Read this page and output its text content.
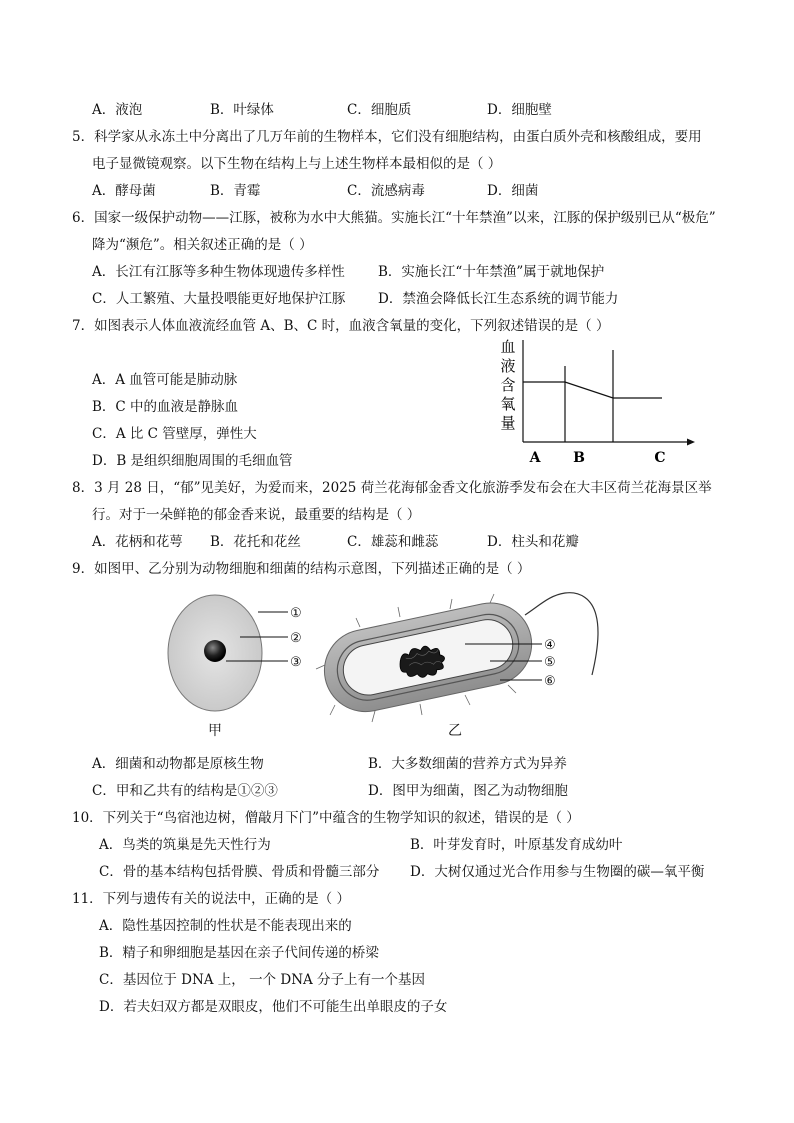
A．液泡	B．叶绿体	C．细胞质	D．细胞壁
5．科学家从永冻土中分离出了几万年前的生物样本，它们没有细胞结构，由蛋白质外壳和核酸组成，要用
电子显微镜观察。以下生物在结构上与上述生物样本最相似的是（ ）
A．酵母菌	B．青霉	C．流感病毒	D．细菌
6．国家一级保护动物——江豚，被称为水中大熊猫。实施长江“十年禁渔”以来，江豚的保护级别已从“极危”
降为“濒危”。相关叙述正确的是（ ）
A．长江有江豚等多种生物体现遗传多样性 B．实施长江“十年禁渔”属于就地保护
C．人工繁殖、大量投喂能更好地保护江豚 D．禁渔会降低长江生态系统的调节能力
7．如图表示人体血液流经血管 A、B、C 时，血液含氧量的变化，下列叙述错误的是（ ）
A．A 血管可能是肺动脉
B．C 中的血液是静脉血
C．A 比 C 管壁厚，弹性大
D．B 是组织细胞周围的毛细血管
血
液
含
氧
量
A B	C
8．3 月 28 日，“郁”见美好，为爱而来，2025 荷兰花海郁金香文化旅游季发布会在大丰区荷兰花海景区举
行。对于一朵鲜艳的郁金香来说，最重要的结构是（ ）
A．花柄和花萼 B．花托和花丝	C．雄蕊和雌蕊	D．柱头和花瓣
9．如图甲、乙分别为动物细胞和细菌的结构示意图，下列描述正确的是（ ）
①
②
③
④
⑤
⑥
甲	乙
A．细菌和动物都是原核生物	B．大多数细菌的营养方式为异养
C．甲和乙共有的结构是①②③	D．图甲为细菌，图乙为动物细胞
10．下列关于“鸟宿池边树，僧敲月下门”中蕴含的生物学知识的叙述，错误的是（ ）
A．鸟类的筑巢是先天性行为	B．叶芽发育时，叶原基发育成幼叶
C．骨的基本结构包括骨膜、骨质和骨髓三部分 D．大树仅通过光合作用参与生物圈的碳—氧平衡
11．下列与遗传有关的说法中，正确的是（ ）
A．隐性基因控制的性状是不能表现出来的
B．精子和卵细胞是基因在亲子代间传递的桥梁
C．基因位于 DNA 上， 一个 DNA 分子上有一个基因
D．若夫妇双方都是双眼皮，他们不可能生出单眼皮的子女
